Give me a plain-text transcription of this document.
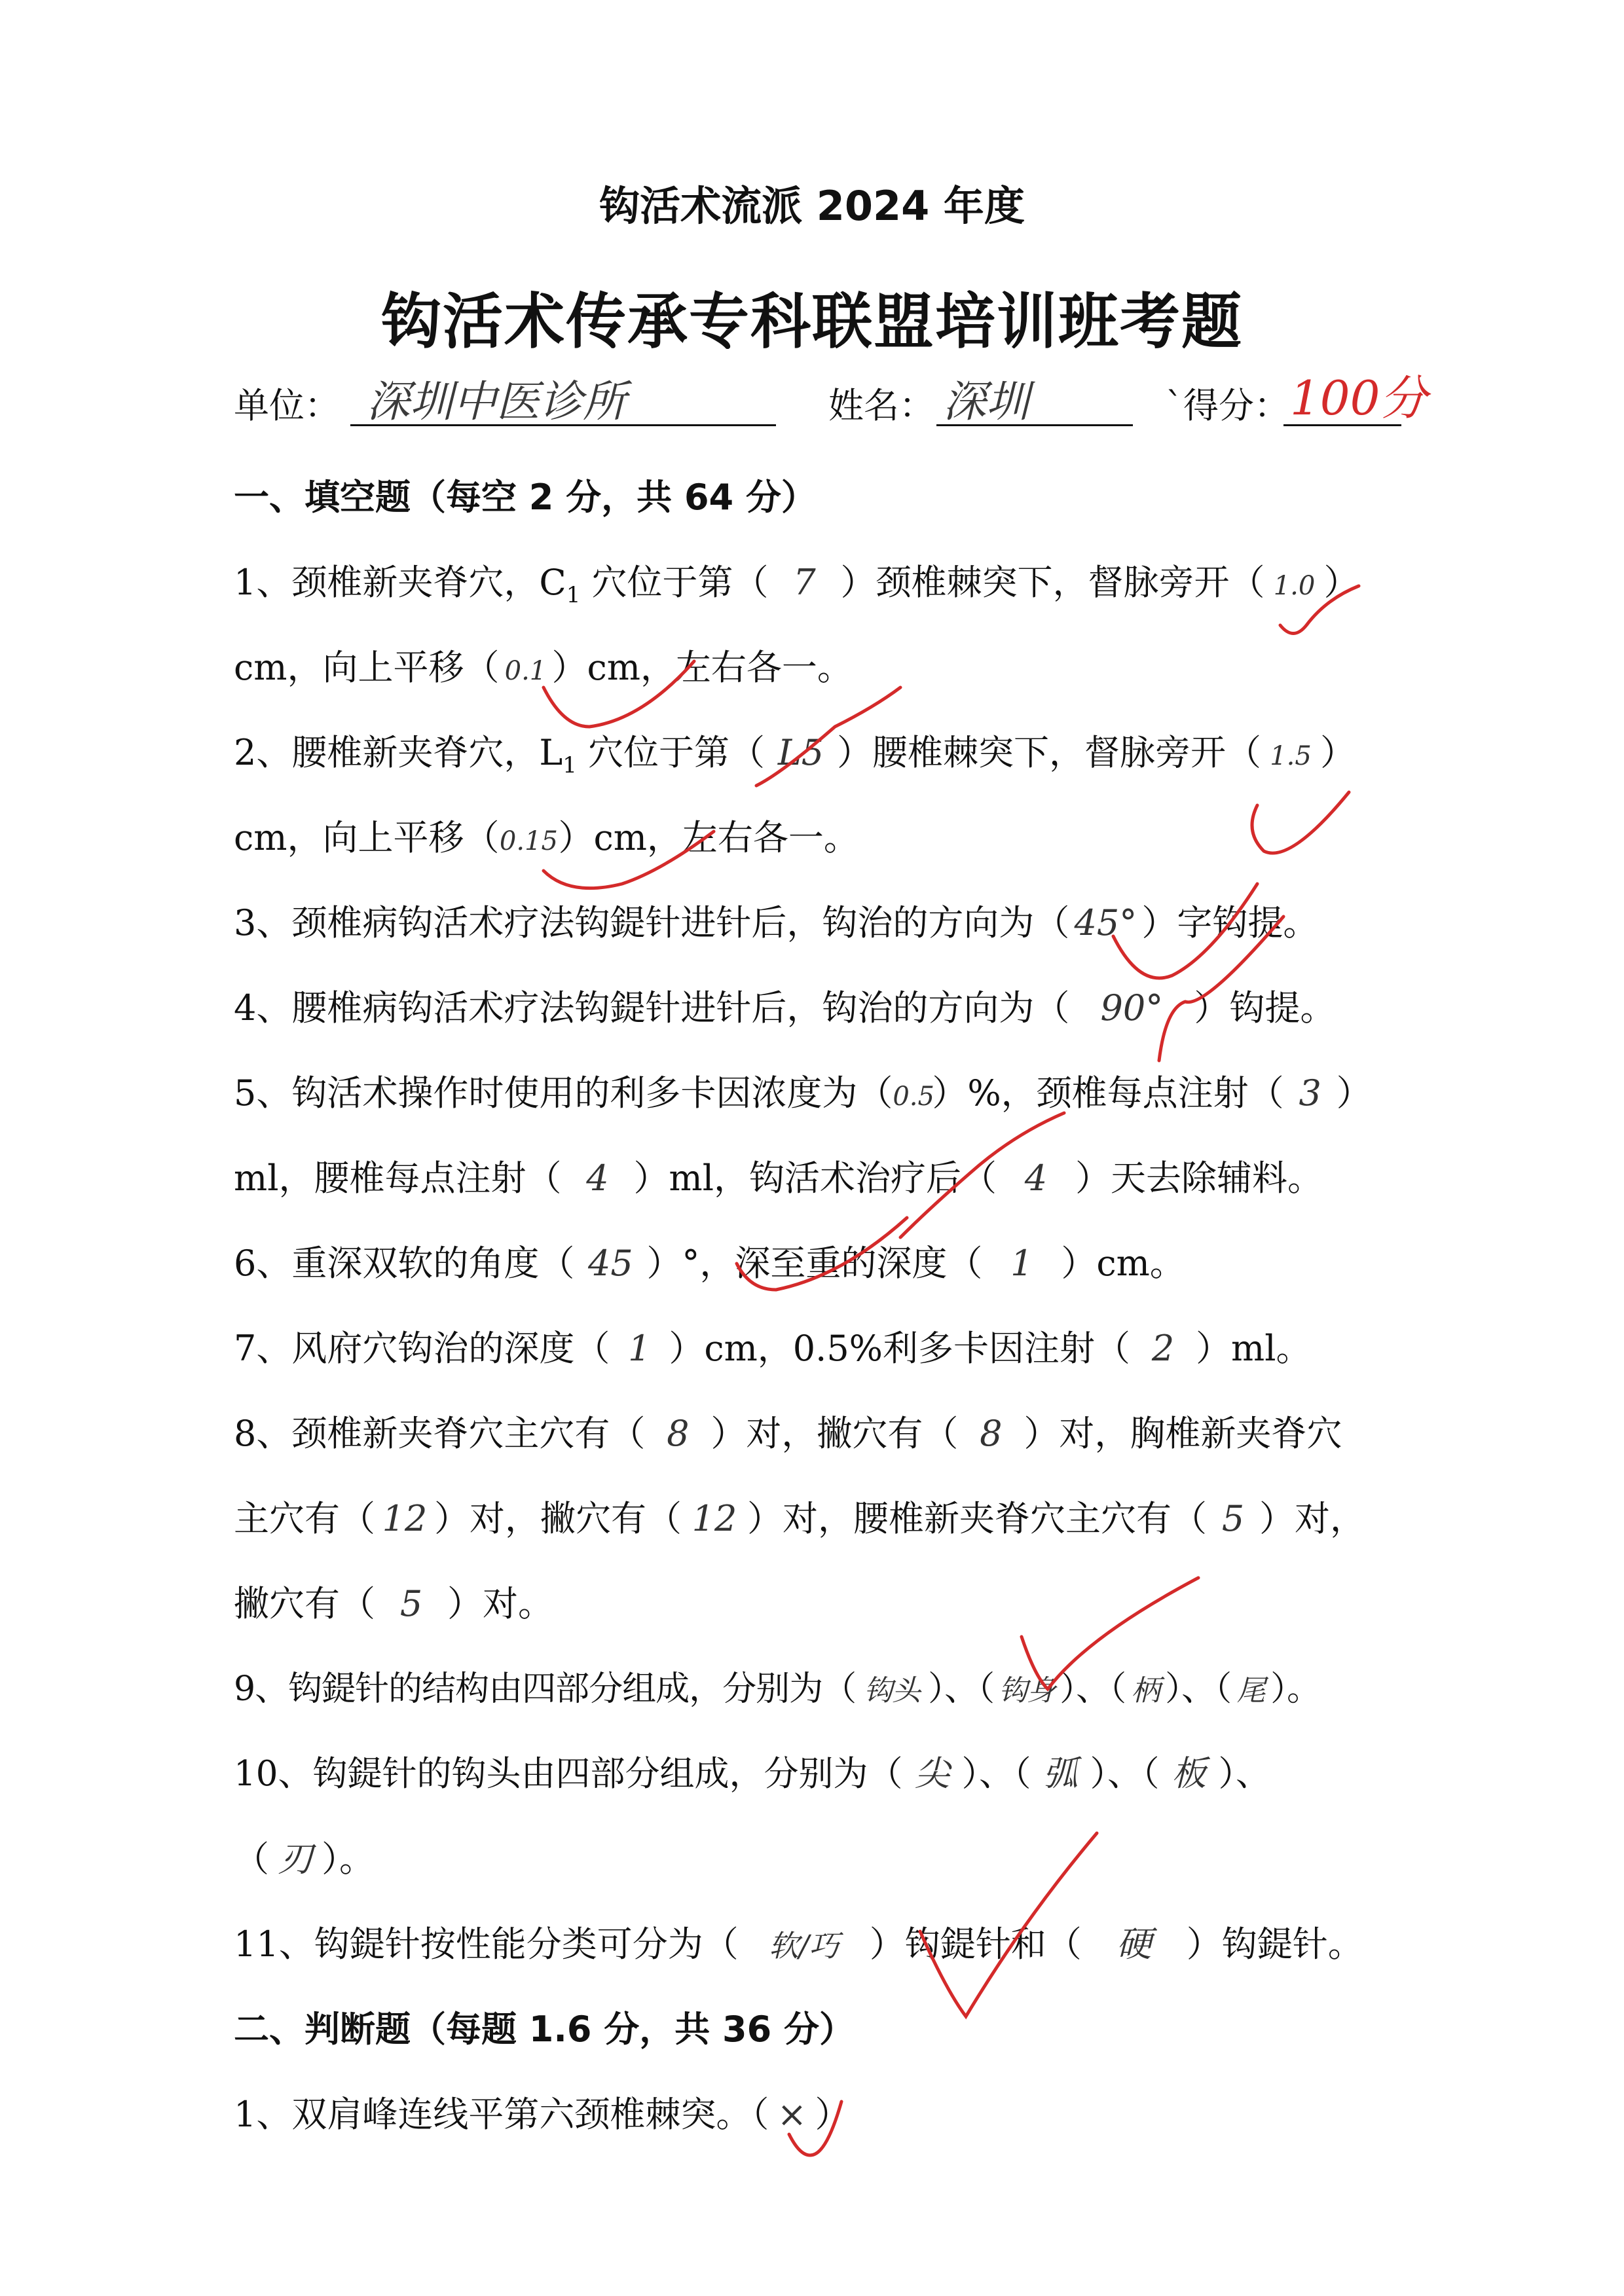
钩活术流派 2024 年度
钩活术传承专科联盟培训班考题
单位： 深圳中医诊所	姓名： 深圳	`得分： 100分
一、填空题（每空 2 分，共 64 分）
1、颈椎新夹脊穴，$C_1$ 穴位于第（ 7 ）颈椎棘突下，督脉旁开（ 1.0 ）
cm，向上平移（ 0.1 ）cm，左右各一。
2、腰椎新夹脊穴，$L_1$ 穴位于第（ L5 ）腰椎棘突下，督脉旁开（ 1.5 ）
cm，向上平移（0.15）cm，左右各一。
3、颈椎病钩活术疗法钩鍉针进针后，钩治的方向为（ 45° ）字钩提。
4、腰椎病钩活术疗法钩鍉针进针后，钩治的方向为（ 90° ）钩提。
5、钩活术操作时使用的利多卡因浓度为（0.5）%，颈椎每点注射（ 3 ）
ml，腰椎每点注射（ 4 ）ml，钩活术治疗后（ 4 ）天去除辅料。
6、重深双软的角度（ 45 ）°，深至重的深度（ 1 ）cm。
7、风府穴钩治的深度（ 1 ）cm，0.5%利多卡因注射（ 2 ）ml。
8、颈椎新夹脊穴主穴有（ 8 ）对，撇穴有（ 8 ）对，胸椎新夹脊穴
主穴有（ 12 ）对，撇穴有（ 12 ）对，腰椎新夹脊穴主穴有（ 5 ）对，
撇穴有（ 5 ）对。
9、钩鍉针的结构由四部分组成，分别为（ 钩头 ）、（ 钩身 ）、（ 柄 ）、（ 尾 ）。
10、钩鍉针的钩头由四部分组成，分别为（ 尖 ）、（ 弧 ）、（ 板 ）、
（ 刃 ）。
11、钩鍉针按性能分类可分为（ 软/巧 ）钩鍉针和（ 硬 ）钩鍉针。
二、判断题（每题 1.6 分，共 36 分）
1、双肩峰连线平第六颈椎棘突。（ × ）
